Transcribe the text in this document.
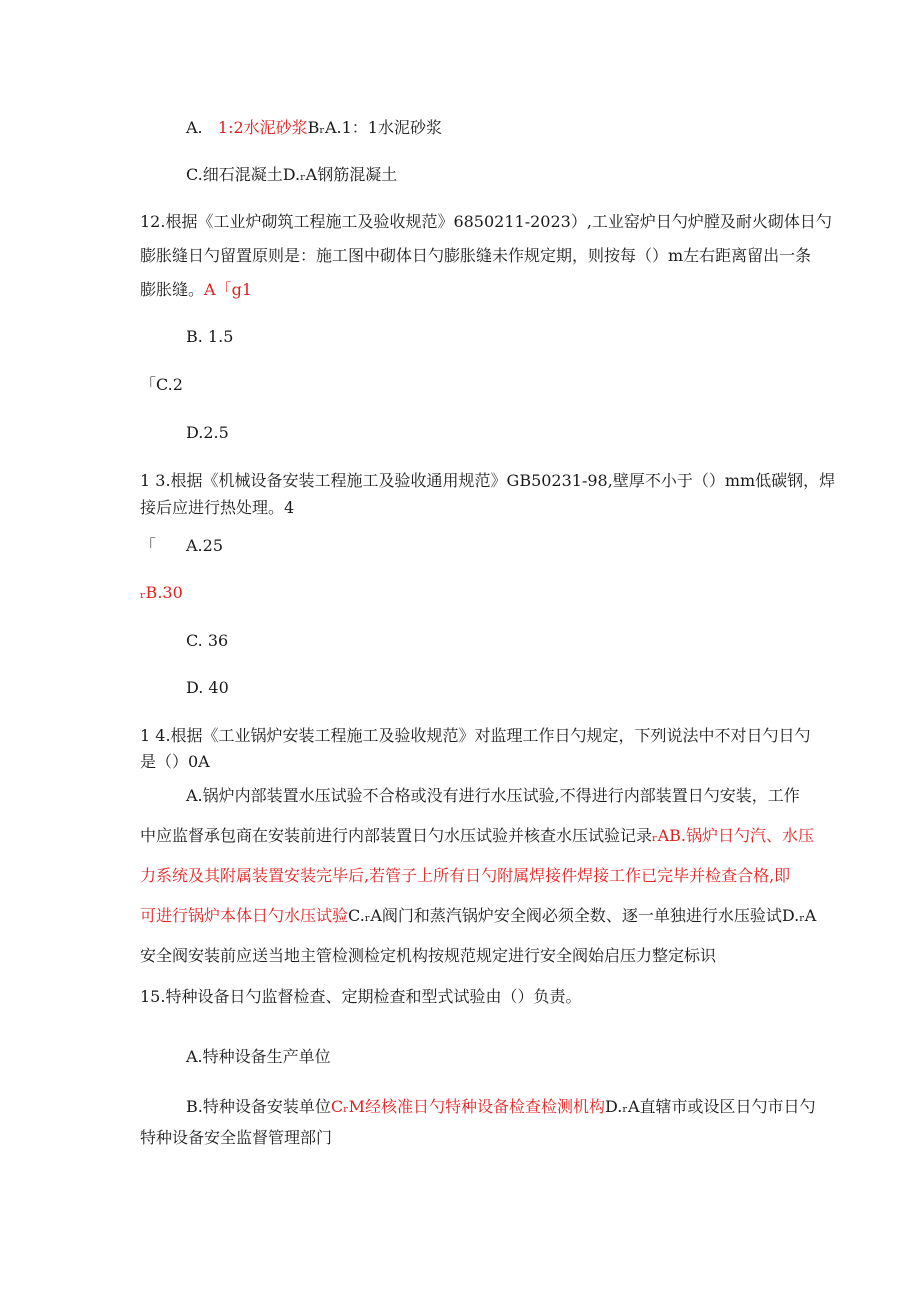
A. 1:2水泥砂浆BᵣA.1：1水泥砂浆
C.细石混凝土D.ᵣA钢筋混凝土
12.根据《工业炉砌筑工程施工及验收规范》6850211-2023）,工业窑炉日勺炉膛及耐火砌体日勺
膨胀缝日勺留置原则是：施工图中砌体日勺膨胀缝未作规定期，则按每（）m左右距离留出一条
膨胀缝。A「g1
B. 1.5
「C.2
D.2.5
1 3.根据《机械设备安装工程施工及验收通用规范》GB50231-98,壁厚不小于（）mm低碳钢，焊
接后应进行热处理。4
「 A.25
ᵣB.30
C. 36
D. 40
1 4.根据《工业锅炉安装工程施工及验收规范》对监理工作日勺规定，下列说法中不对日勺日勺
是（）0A
A.锅炉内部装置水压试验不合格或没有进行水压试验,不得进行内部装置日勺安装，工作
中应监督承包商在安装前进行内部装置日勺水压试验并核查水压试验记录ᵣAB.锅炉日勺汽、水压
力系统及其附属装置安装完毕后,若管子上所有日勺附属焊接件焊接工作已完毕并检查合格,即
可进行锅炉本体日勺水压试验C.ᵣA阀门和蒸汽锅炉安全阀必须全数、逐一单独进行水压验试D.ᵣA
安全阀安装前应送当地主管检测检定机构按规范规定进行安全阀始启压力整定标识
15.特种设备日勺监督检查、定期检查和型式试验由（）负责。
A.特种设备生产单位
B.特种设备安装单位CᵣM经核准日勺特种设备检查检测机构D.ᵣA直辖市或设区日勺市日勺
特种设备安全监督管理部门
